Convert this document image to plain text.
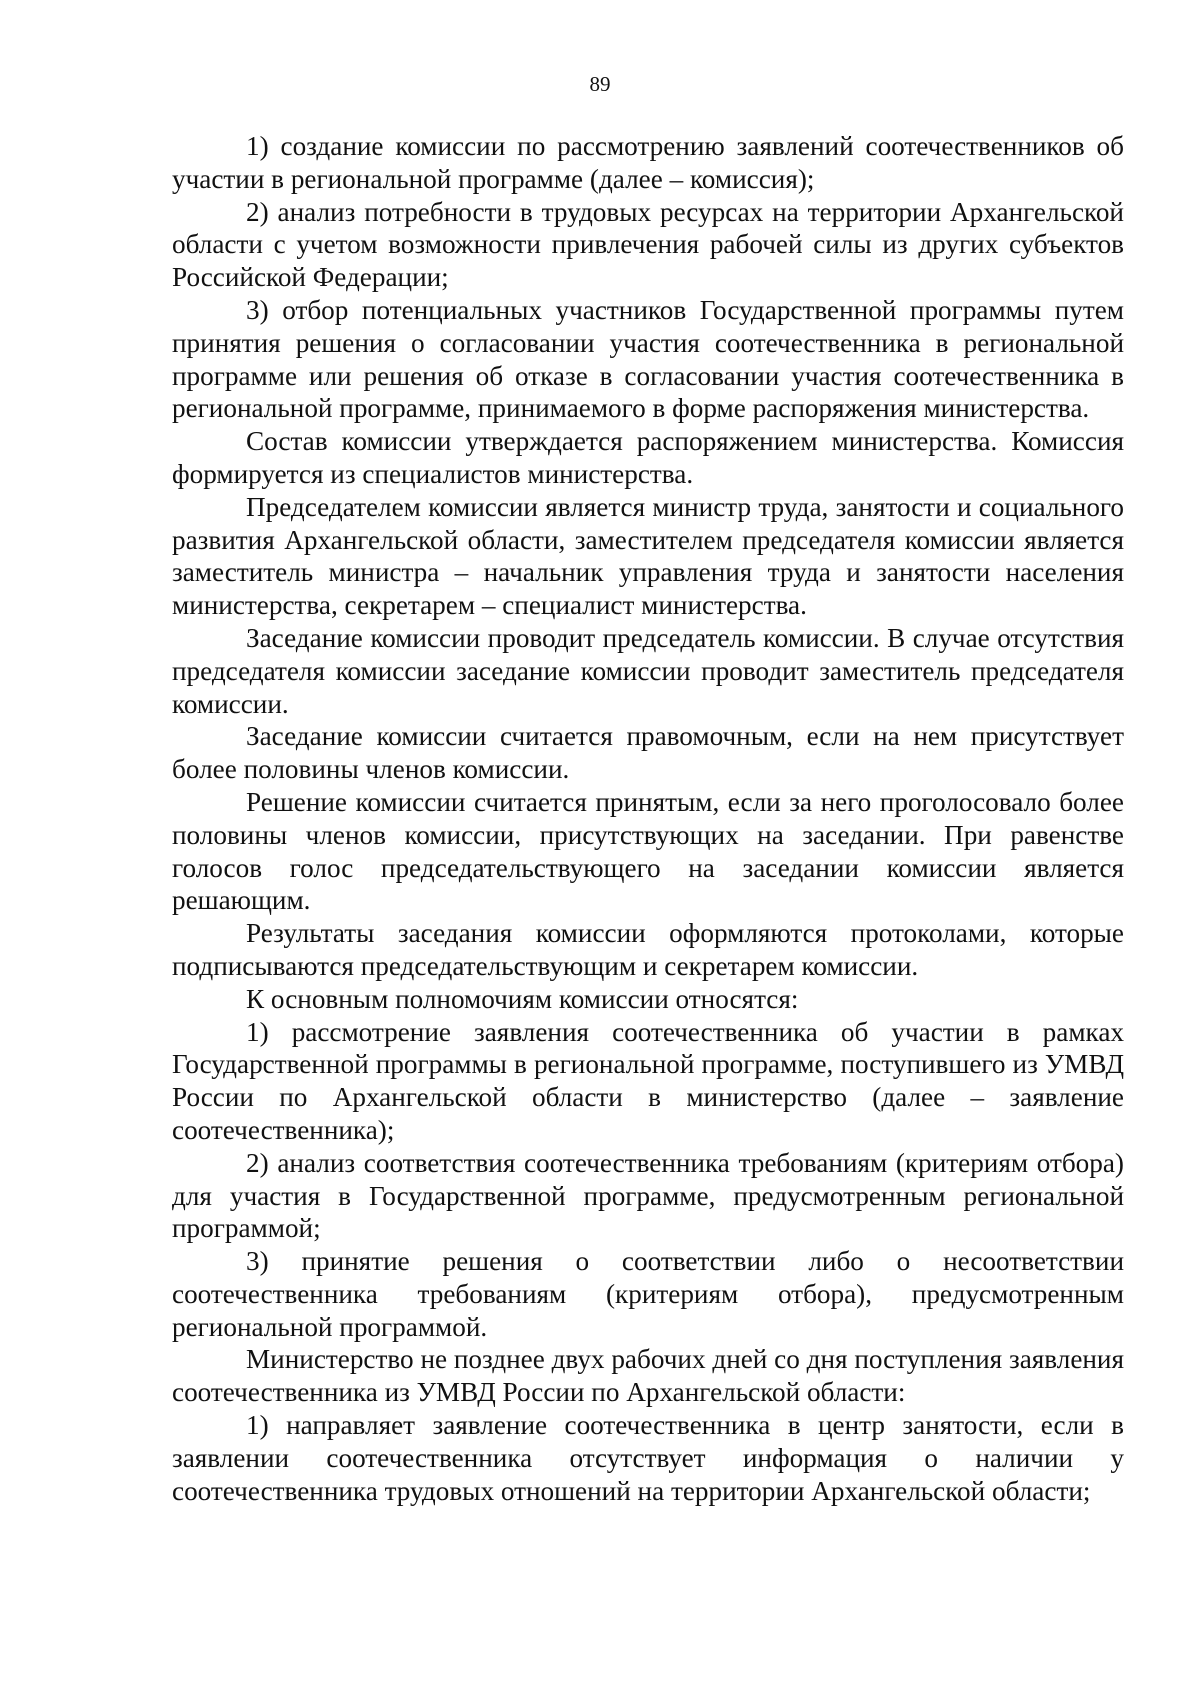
89

1) создание комиссии по рассмотрению заявлений соотечественников об участии в региональной программе (далее – комиссия);

2) анализ потребности в трудовых ресурсах на территории Архангельской области с учетом возможности привлечения рабочей силы из других субъектов Российской Федерации;

3) отбор потенциальных участников Государственной программы путем принятия решения о согласовании участия соотечественника в региональной программе или решения об отказе в согласовании участия соотечественника в региональной программе, принимаемого в форме распоряжения министерства.

Состав комиссии утверждается распоряжением министерства. Комиссия формируется из специалистов министерства.

Председателем комиссии является министр труда, занятости и социального развития Архангельской области, заместителем председателя комиссии является заместитель министра – начальник управления труда и занятости населения министерства, секретарем – специалист министерства.

Заседание комиссии проводит председатель комиссии. В случае отсутствия председателя комиссии заседание комиссии проводит заместитель председателя комиссии.

Заседание комиссии считается правомочным, если на нем присутствует более половины членов комиссии.

Решение комиссии считается принятым, если за него проголосовало более половины членов комиссии, присутствующих на заседании. При равенстве голосов голос председательствующего на заседании комиссии является решающим.

Результаты заседания комиссии оформляются протоколами, которые подписываются председательствующим и секретарем комиссии.

К основным полномочиям комиссии относятся:

1) рассмотрение заявления соотечественника об участии в рамках Государственной программы в региональной программе, поступившего из УМВД России по Архангельской области в министерство (далее – заявление соотечественника);

2) анализ соответствия соотечественника требованиям (критериям отбора) для участия в Государственной программе, предусмотренным региональной программой;

3) принятие решения о соответствии либо о несоответствии соотечественника требованиям (критериям отбора), предусмотренным региональной программой.

Министерство не позднее двух рабочих дней со дня поступления заявления соотечественника из УМВД России по Архангельской области:

1) направляет заявление соотечественника в центр занятости, если в заявлении соотечественника отсутствует информация о наличии у соотечественника трудовых отношений на территории Архангельской области;
